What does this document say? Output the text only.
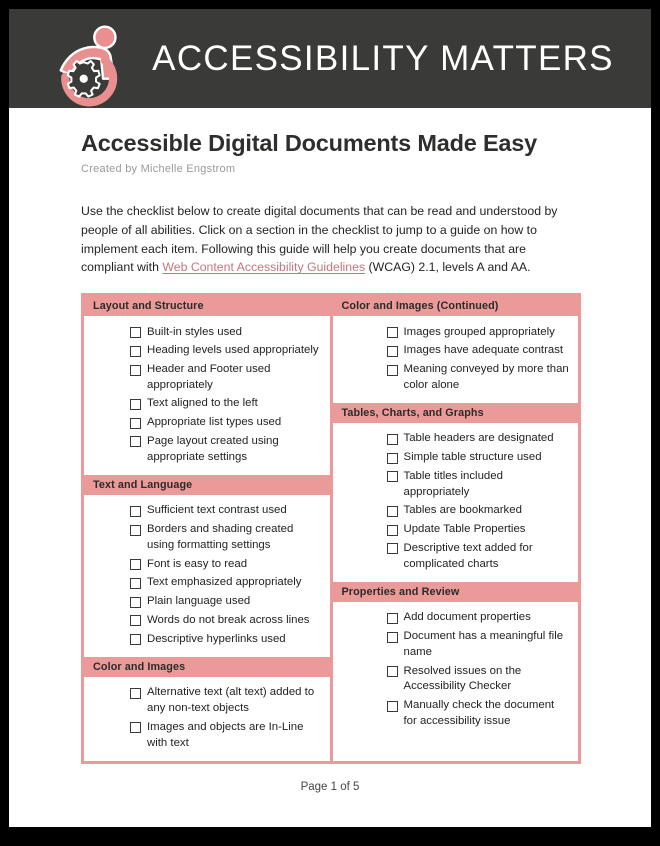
ACCESSIBILITY MATTERS
Accessible Digital Documents Made Easy
Created by Michelle Engstrom

Use the checklist below to create digital documents that can be read and understood by people of all abilities. Click on a section in the checklist to jump to a guide on how to implement each item. Following this guide will help you create documents that are compliant with Web Content Accessibility Guidelines (WCAG) 2.1, levels A and AA.

Layout and Structure
Built-in styles used
Heading levels used appropriately
Header and Footer used appropriately
Text aligned to the left
Appropriate list types used
Page layout created using appropriate settings
Text and Language
Sufficient text contrast used
Borders and shading created using formatting settings
Font is easy to read
Text emphasized appropriately
Plain language used
Words do not break across lines
Descriptive hyperlinks used
Color and Images
Alternative text (alt text) added to any non-text objects
Images and objects are In-Line with text
Color and Images (Continued)
Images grouped appropriately
Images have adequate contrast
Meaning conveyed by more than color alone
Tables, Charts, and Graphs
Table headers are designated
Simple table structure used
Table titles included appropriately
Tables are bookmarked
Update Table Properties
Descriptive text added for complicated charts
Properties and Review
Add document properties
Document has a meaningful file name
Resolved issues on the Accessibility Checker
Manually check the document for accessibility issue
Page 1 of 5
